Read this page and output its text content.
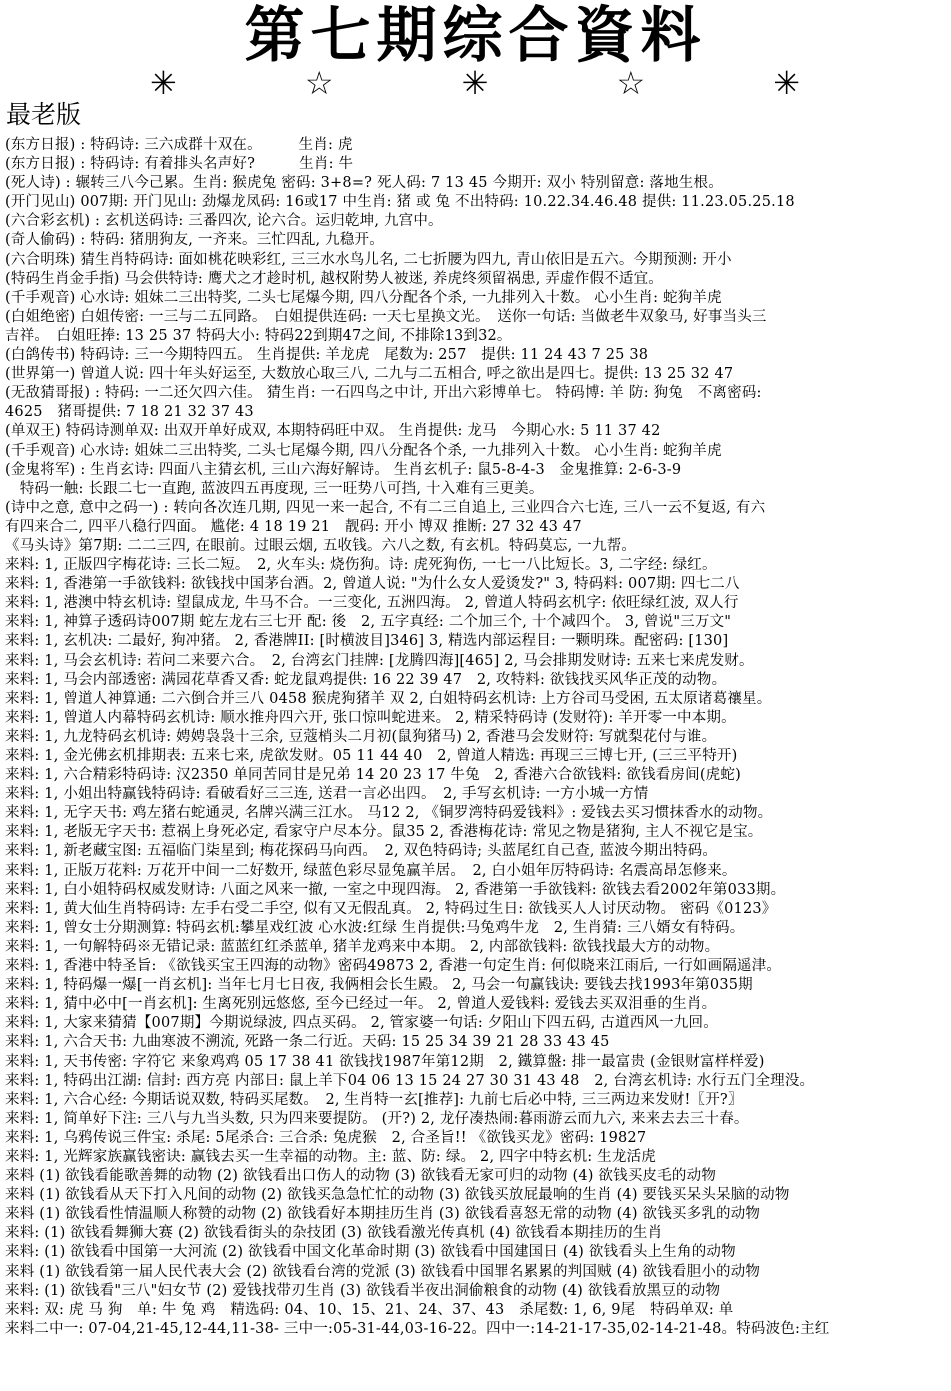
第七期综合資料
✳	☆	✳	☆	✳
最老版
(东方日报) : 特码诗: 三六成群十双在。　　　生肖: 虎
(东方日报) : 特码诗: 有着排头名声好?　　　生肖: 牛
(死人诗) : 辗转三八今己累。生肖: 猴虎兔 密码: 3+8=? 死人码: 7 13 45 今期开: 双小 特别留意: 落地生根。
(开门见山) 007期: 开门见山: 劲爆龙凤码: 16或17 中生肖: 猪 或 兔 不出特码: 10.22.34.46.48 提供: 11.23.05.25.18
(六合彩玄机) : 玄机送码诗: 三番四次, 论六合。运归乾坤, 九宫中。
(奇人偷码) : 特码: 猪朋狗友, 一齐来。三忙四乱, 九稳开。
(六合明珠) 猜生肖特码诗: 面如桃花映彩红, 三三水水鸟儿名, 二七折腰为四九, 青山依旧是五六。今期预测: 开小
(特码生肖金手指) 马会供特诗: 鹰犬之才趁时机, 越权附势人被迷, 养虎终须留祸患, 弄虚作假不适宜。
(千手观音) 心水诗: 姐妹二三出特奖, 二头七尾爆今期, 四八分配各个杀, 一九排列入十数。 心小生肖: 蛇狗羊虎
(白姐绝密) 白姐传密: 一三与二五同路。　白姐提供连码: 一天七星换文光。　送你一句话: 当做老牛双象马, 好事当头三
吉祥。　白姐旺捧: 13 25 37 特码大小: 特码22到期47之间, 不排除13到32。
(白鸽传书) 特码诗: 三一今期特四五。 生肖提供: 羊龙虎　尾数为: 257　提供: 11 24 43 7 25 38
(世界第一) 曾道人说: 四十年头好运至, 大数放心取三八, 二九与二五相合, 呼之欲出是四七。提供: 13 25 32 47
(无敌猜哥报) : 特码: 一二还欠四六佳。 猜生肖: 一石四鸟之中计, 开出六彩博单七。 特码博: 羊 防: 狗兔　不离密码:
4625　猪哥提供: 7 18 21 32 37 43
(单双王) 特码诗测单双: 出双开单好成双, 本期特码旺中双。 生肖提供: 龙马　今期心水: 5 11 37 42
(千手观音) 心水诗: 姐妹二三出特奖, 二头七尾爆今期, 四八分配各个杀, 一九排列入十数。 心小生肖: 蛇狗羊虎
(金鬼将军) : 生肖玄诗: 四面八主猜玄机, 三山六海好解诗。 生肖玄机子: 鼠5-8-4-3　金鬼推算: 2-6-3-9
　特码一触: 长跟二七一直跑, 蓝波四五再度现, 三一旺势八可挡, 十入难有三更美。
(诗中之意, 意中之码一) : 转向各次连几期, 四见一来一起合, 不有二三自追上, 三业四合六七连, 三八一云不复返, 有六
有四来合二, 四平八稳行四面。 尴佬: 4 18 19 21　靓码: 开小 博双 推断: 27 32 43 47
《马头诗》第7期: 二二三四, 在眼前。过眼云烟, 五收钱。六八之数, 有玄机。特码莫忘, 一九帮。
来料: 1, 正版四字梅花诗: 三长二短。　2, 火车头: 烧伤狗。诗: 虎死狗伤, 一七一八比短长。3, 二字经: 绿红。
来料: 1, 香港第一手欲钱料: 欲钱找中国茅台酒。2, 曾道人说: "为什么女人爱烫发?" 3, 特码料: 007期: 四七二八
来料: 1, 港澳中特玄机诗: 望鼠成龙, 牛马不合。一三变化, 五洲四海。 2, 曾道人特码玄机字: 依旺绿红波, 双人行
来料: 1, 神算子透码诗007期 蛇左龙右三七开 配: 後　2, 五字真经: 二个加三个, 十个减四个。 3, 曾说"三万文"
来料: 1, 玄机决: 二最好, 狗冲猪。 2, 香港牌II: [时横波目]346] 3, 精选内部运程目: 一颗明珠。配密码: [130]
来料: 1, 马会玄机诗: 若问二来要六合。　2, 台湾玄门挂牌: [龙腾四海][465] 2, 马会排期发财诗: 五来七来虎发财。
来料: 1, 马会内部透密: 满园花草香又香: 蛇龙鼠鸡提供: 16 22 39 47　2, 攻特料: 欲钱找买风华正茂的动物。
来料: 1, 曾道人神算通: 二六倒合并三八 0458 猴虎狗猪羊 双 2, 白姐特码玄机诗: 上方谷司马受困, 五太原诸葛禳星。
来料: 1, 曾道人内幕特码玄机诗: 顺水推舟四六开, 张口惊叫蛇进来。 2, 精采特码诗 (发财符): 羊开零一中本期。
来料: 1, 九龙特码玄机诗: 娉娉袅袅十三余, 豆蔻梢头二月初(鼠狗猪马) 2, 香港马会发财符: 写就梨花付与谁。
来料: 1, 金光佛玄机排期表: 五来七来, 虎欲发财。05 11 44 40　2, 曾道人精选: 再现三三博七开, (三三平特开)
来料: 1, 六合精彩特码诗: 汉2350 单同苦同甘是兄弟 14 20 23 17 牛兔　2, 香港六合欲钱料: 欲钱看房间(虎蛇)
来料: 1, 小姐出特赢钱特码诗: 看破看好三三连, 送君一言必出四。　2, 手写玄机诗: 一方小城一方情
来料: 1, 无字天书: 鸡左猪右蛇通灵, 名牌兴满三江水。 马12 2, 《铜罗湾特码爱钱料》: 爱钱去买习惯抹香水的动物。
来料: 1, 老版无字天书: 惹祸上身死必定, 看家守户尽本分。鼠35 2, 香港梅花诗: 常见之物是猪狗, 主人不视它是宝。
来料: 1, 新老藏宝图: 五福临门柒星到; 梅花探码马向西。　2, 双色特码诗; 头蓝尾红自己查, 蓝波今期出特码。
来料: 1, 正版万花料: 万花开中间一二好数开, 绿蓝色彩尽显兔赢羊居。　2, 白小姐年厉特码诗: 名震高昂怎修来。
来料: 1, 白小姐特码权威发财诗: 八面之风来一撤, 一室之中现四海。 2, 香港第一手欲钱料: 欲钱去看2002年第033期。
来料: 1, 黄大仙生肖特码诗: 左手右受二手空, 似有又无假乱真。 2, 特码过生日: 欲钱买人人讨厌动物。 密码《0123》
来料: 1, 曾女士分期测算: 特码玄机:攀星戏红波 心水波:红绿 生肖提供:马兔鸡牛龙　2, 生肖猜: 三八婿女有特码。
来料: 1, 一句解特码※无错记录: 蓝蓝红红杀蓝单, 猪羊龙鸡来中本期。 2, 内部欲钱料: 欲钱找最大方的动物。
来料: 1, 香港中特圣旨: 《欲钱买宝王四海的动物》密码49873 2, 香港一句定生肖: 何似晓来江雨后, 一行如画隔遥津。
来料: 1, 特码爆一爆[一肖玄机]: 当年七月七日夜, 我俩相会长生殿。 2, 马会一句赢钱诀: 要钱去找1993年第035期
来料: 1, 猜中必中[一肖玄机]: 生离死别远悠悠, 至今已经过一年。 2, 曾道人爱钱料: 爱钱去买双泪垂的生肖。
来料: 1, 大家来猜猜【007期】今期说绿波, 四点买码。 2, 管家婆一句话: 夕阳山下四五码, 古道西风一九回。
来料: 1, 六合天书: 九曲寒波不溯流, 死路一条二行近。天码: 15 25 34 39 21 28 33 43 45
来料: 1, 天书传密: 字符它 来象鸡鸡 05 17 38 41 欲钱找1987年第12期　2, 鐵算盤: 排一最富贵 (金银财富样样爱)
来料: 1, 特码出江湖: 信封: 西方亮 内部日: 鼠上羊下04 06 13 15 24 27 30 31 43 48　2, 台湾玄机诗: 水行五门全理没。
来料: 1, 六合心经: 今期话说双数, 特码买尾数。　2, 生肖特一玄[推荐]: 九前七后必中特, 三三两边来发财!〖开?〗
来料: 1, 简单好下注: 三八与九当头数, 只为四来要提防。 (开?) 2, 龙仔凑热闹:暮雨游云而九六, 来来去去三十春。
来料: 1, 乌鸦传说三件宝: 杀尾: 5尾杀合: 三合杀: 兔虎猴　2, 合圣旨!! 《欲钱买龙》密码: 19827
来料: 1, 光辉家族赢钱密诀: 赢钱去买一生幸福的动物。主: 蓝、防: 绿。 2, 四字中特玄机: 生龙活虎
来料 (1) 欲钱看能歌善舞的动物 (2) 欲钱看出口伤人的动物 (3) 欲钱看无家可归的动物 (4) 欲钱买皮毛的动物
来料 (1) 欲钱看从天下打入凡间的动物 (2) 欲钱买急急忙忙的动物 (3) 欲钱买放屁最响的生肖 (4) 要钱买呆头呆脑的动物
来料 (1) 欲钱看性情温顺人称赞的动物 (2) 欲钱看好本期挂历生肖 (3) 欲钱看喜怒无常的动物 (4) 欲钱买多乳的动物
来料: (1) 欲钱看舞狮大赛 (2) 欲钱看街头的杂技团 (3) 欲钱看激光传真机 (4) 欲钱看本期挂历的生肖
来料: (1) 欲钱看中国第一大河流 (2) 欲钱看中国文化革命时期 (3) 欲钱看中国建国日 (4) 欲钱看头上生角的动物
来料 (1) 欲钱看第一届人民代表大会 (2) 欲钱看台湾的党派 (3) 欲钱看中国罪名累累的判国贼 (4) 欲钱看胆小的动物
来料: (1) 欲钱看"三八"妇女节 (2) 爱钱找带刃生肖 (3) 欲钱看半夜出洞偷粮食的动物 (4) 欲钱看放黑豆的动物
来料: 双: 虎 马 狗　单: 牛 兔 鸡　精选码: 04、10、15、21、24、37、43　杀尾数: 1, 6, 9尾　特码单双: 单
来料二中一: 07-04,21-45,12-44,11-38- 三中一:05-31-44,03-16-22。四中一:14-21-17-35,02-14-21-48。特码波色:主红
